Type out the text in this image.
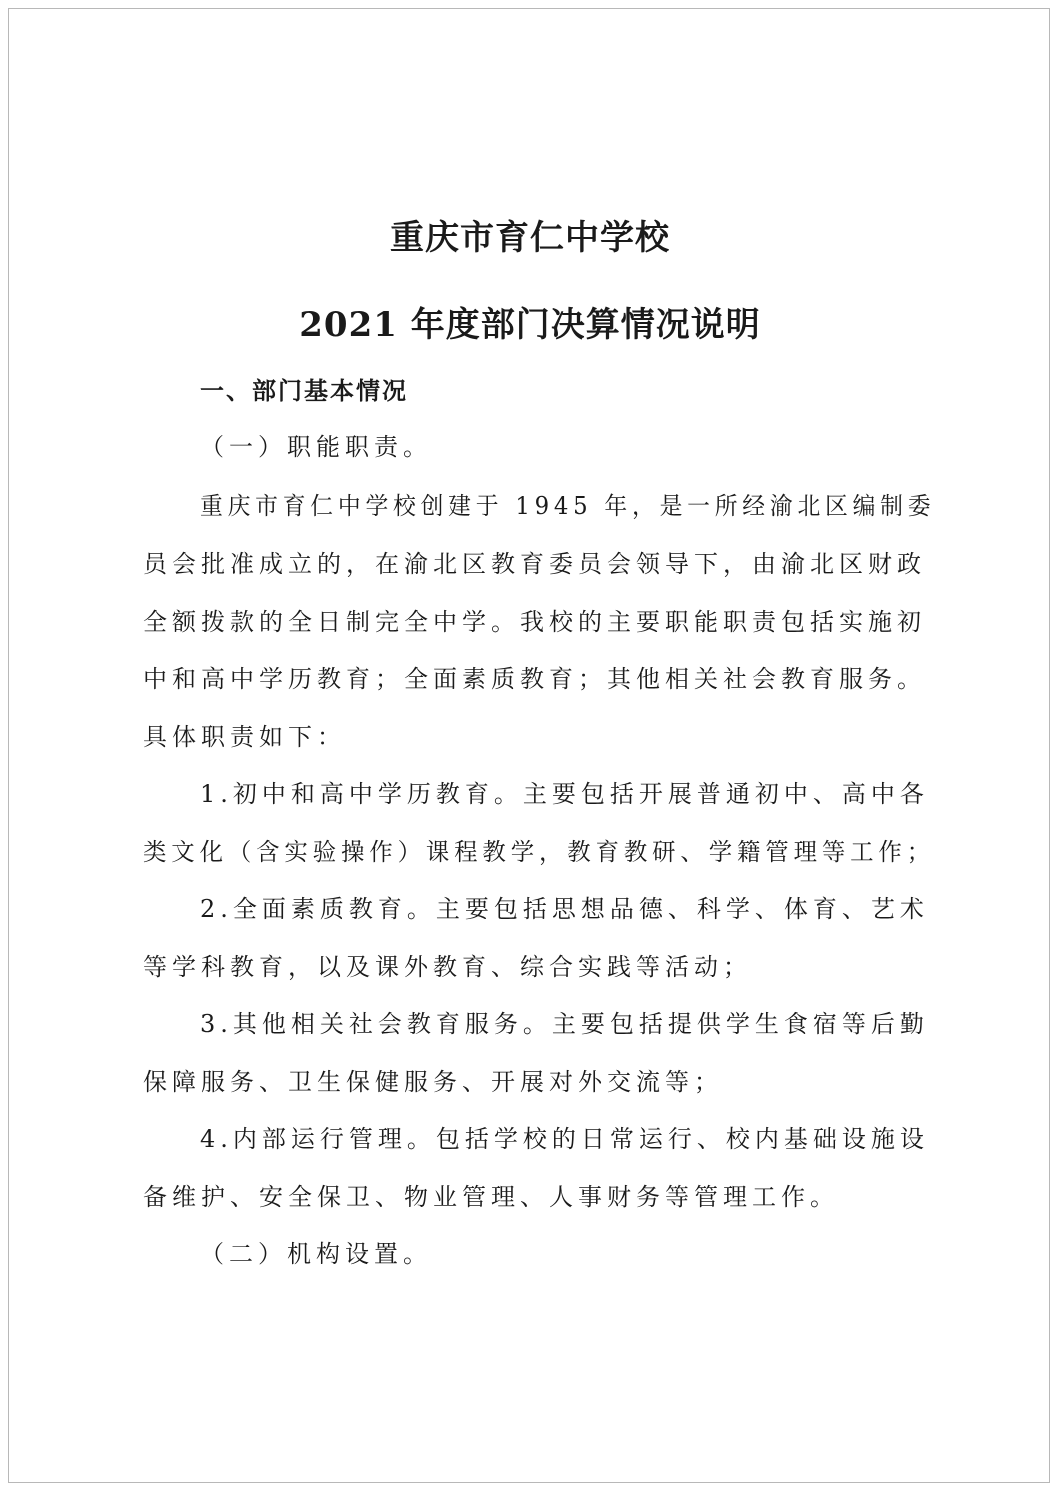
重庆市育仁中学校
2021 年度部门决算情况说明
一、部门基本情况
（一）职能职责。
重庆市育仁中学校创建于 1945 年，是一所经渝北区编制委
员会批准成立的，在渝北区教育委员会领导下，由渝北区财政
全额拨款的全日制完全中学。我校的主要职能职责包括实施初
中和高中学历教育；全面素质教育；其他相关社会教育服务。
具体职责如下：
1.初中和高中学历教育。主要包括开展普通初中、高中各
类文化（含实验操作）课程教学，教育教研、学籍管理等工作；
2.全面素质教育。主要包括思想品德、科学、体育、艺术
等学科教育，以及课外教育、综合实践等活动；
3.其他相关社会教育服务。主要包括提供学生食宿等后勤
保障服务、卫生保健服务、开展对外交流等；
4.内部运行管理。包括学校的日常运行、校内基础设施设
备维护、安全保卫、物业管理、人事财务等管理工作。
（二）机构设置。
